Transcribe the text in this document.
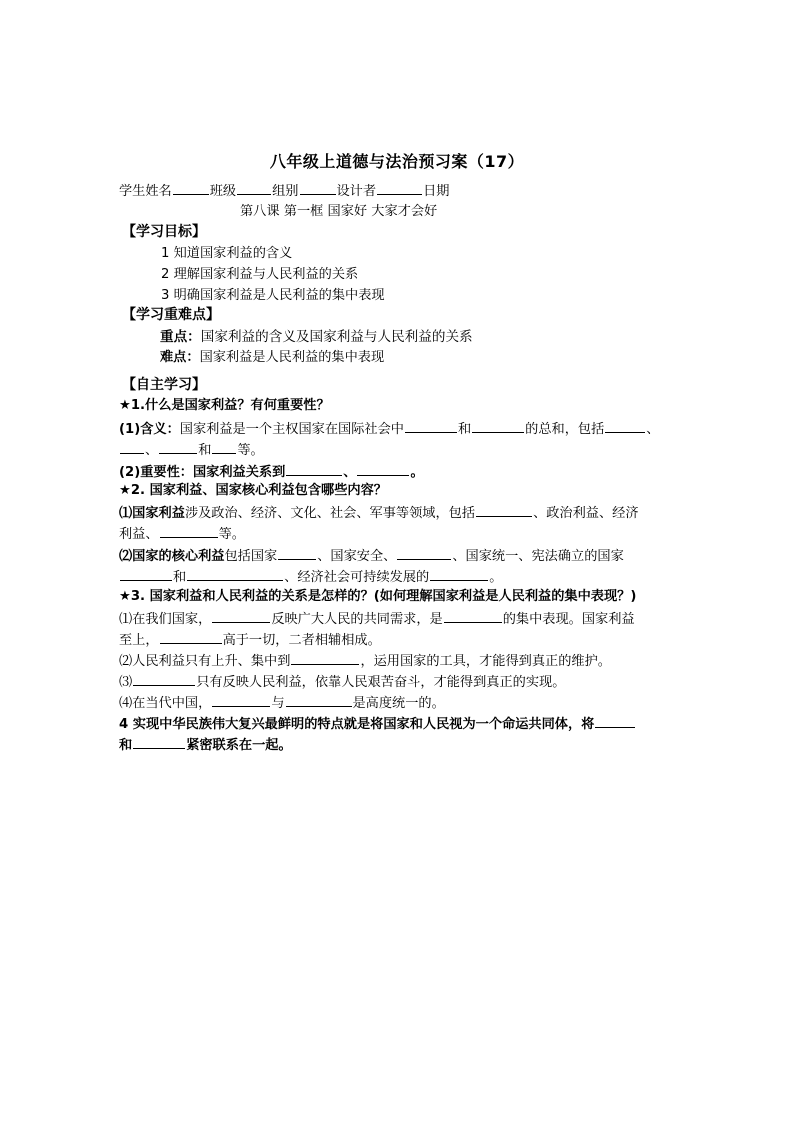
八年级上道德与法治预习案（17）
学生姓名	班级	组别	设计者	日期
第八课 第一框 国家好 大家才会好
【学习目标】
1 知道国家利益的含义
2 理解国家利益与人民利益的关系
3 明确国家利益是人民利益的集中表现
【学习重难点】
重点：国家利益的含义及国家利益与人民利益的关系
难点：国家利益是人民利益的集中表现
【自主学习】
★1.什么是国家利益？有何重要性？
(1)含义：国家利益是一个主权国家在国际社会中	和	的总和，包括	、
、	和 等。
(2)重要性：国家利益关系到	、	。
★2. 国家利益、国家核心利益包含哪些内容？
⑴国家利益涉及政治、经济、文化、社会、军事等领域，包括	、政治利益、经济
利益、	等。
⑵国家的核心利益包括国家	、国家安全、	、国家统一、宪法确立的国家
和	、经济社会可持续发展的	。
★3. 国家利益和人民利益的关系是怎样的？(如何理解国家利益是人民利益的集中表现？)
⑴在我们国家，	反映广大人民的共同需求，是	的集中表现。国家利益
至上，	高于一切，二者相辅相成。
⑵人民利益只有上升、集中到	，运用国家的工具，才能得到真正的维护。
⑶	只有反映人民利益，依靠人民艰苦奋斗，才能得到真正的实现。
⑷在当代中国，	与	是高度统一的。
4 实现中华民族伟大复兴最鲜明的特点就是将国家和人民视为一个命运共同体，将
和	紧密联系在一起。
